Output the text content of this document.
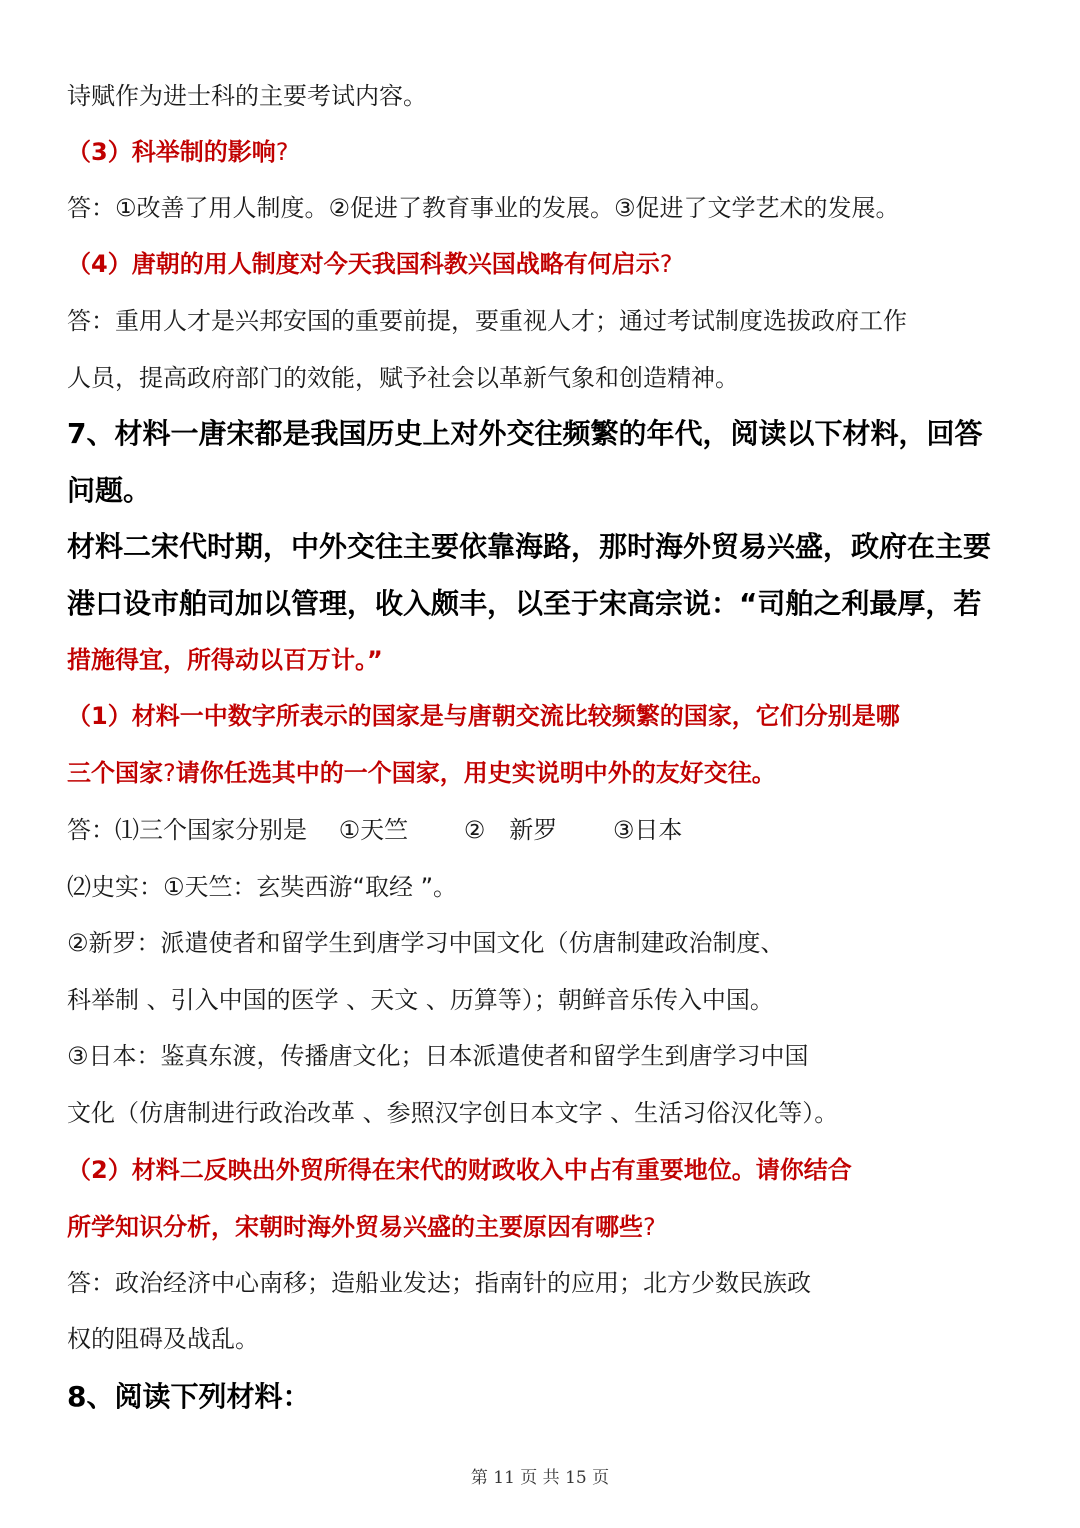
诗赋作为进士科的主要考试内容。
（3）科举制的影响?
答：①改善了用人制度。②促进了教育事业的发展。③促进了文学艺术的发展。
（4）唐朝的用人制度对今天我国科教兴国战略有何启示?
答：重用人才是兴邦安国的重要前提，要重视人才；通过考试制度选拔政府工作
人员，提高政府部门的效能，赋予社会以革新气象和创造精神。
7、材料一唐宋都是我国历史上对外交往频繁的年代，阅读以下材料，回答
问题。
材料二宋代时期，中外交往主要依靠海路，那时海外贸易兴盛，政府在主要
港口设市舶司加以管理，收入颇丰，以至于宋高宗说：“司舶之利最厚，若
措施得宜，所得动以百万计。”
（1）材料一中数字所表示的国家是与唐朝交流比较频繁的国家，它们分别是哪
三个国家?请你任选其中的一个国家，用史实说明中外的友好交往。
答：⑴三个国家分别是　 ①天竺　　 ②　新罗　　 ③日本
⑵史实：①天竺：玄奘西游“取经 ”。
②新罗：派遣使者和留学生到唐学习中国文化（仿唐制建政治制度、
科举制 、引入中国的医学 、天文 、历算等）；朝鲜音乐传入中国。
③日本：鉴真东渡，传播唐文化；日本派遣使者和留学生到唐学习中国
文化（仿唐制进行政治改革 、参照汉字创日本文字 、生活习俗汉化等）。
（2）材料二反映出外贸所得在宋代的财政收入中占有重要地位。请你结合
所学知识分析，宋朝时海外贸易兴盛的主要原因有哪些?
答：政治经济中心南移；造船业发达；指南针的应用；北方少数民族政
权的阻碍及战乱。
8、阅读下列材料：
第 11 页 共 15 页
